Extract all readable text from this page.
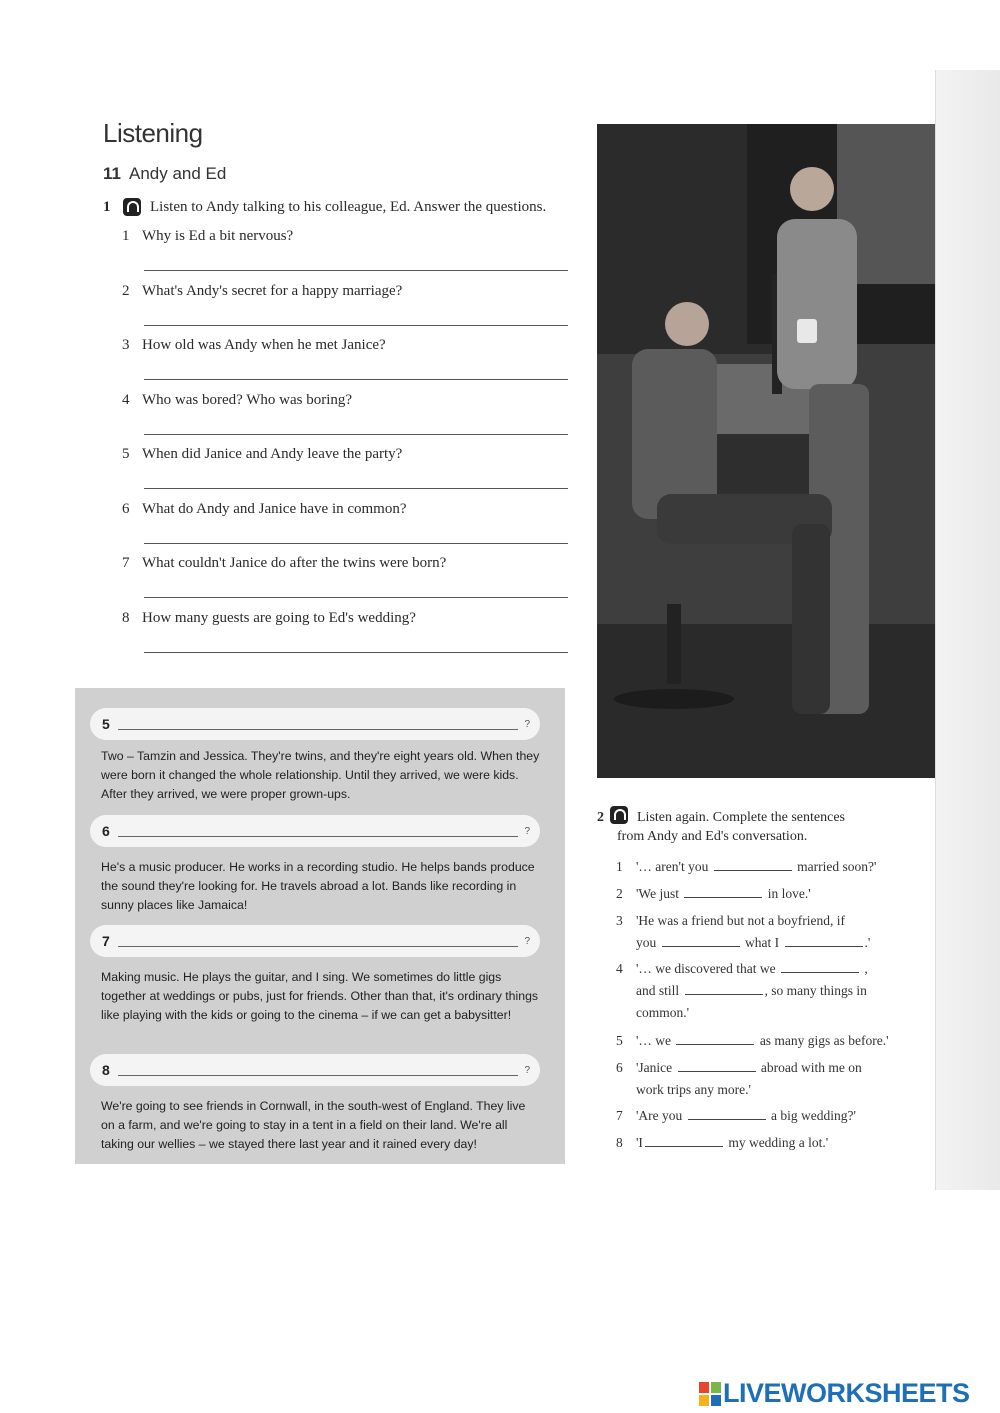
Listening
11 Andy and Ed
1	Listen to Andy talking to his colleague, Ed. Answer the questions.
1 Why is Ed a bit nervous?
2 What's Andy's secret for a happy marriage?
3 How old was Andy when he met Janice?
4 Who was bored? Who was boring?
5 When did Janice and Andy leave the party?
6 What do Andy and Janice have in common?
7 What couldn't Janice do after the twins were born?
8 How many guests are going to Ed's wedding?
5	?
Two – Tamzin and Jessica. They're twins, and they're eight years old. When they were born it changed the whole relationship. Until they arrived, we were kids. After they arrived, we were proper grown-ups.
6	?
He's a music producer. He works in a recording studio. He helps bands produce the sound they're looking for. He travels abroad a lot. Bands like recording in sunny places like Jamaica!
7	?
Making music. He plays the guitar, and I sing. We sometimes do little gigs together at weddings or pubs, just for friends. Other than that, it's ordinary things like playing with the kids or going to the cinema – if we can get a babysitter!
8	?
We're going to see friends in Cornwall, in the south-west of England. They live on a farm, and we're going to stay in a tent in a field on their land. We're all taking our wellies – we stayed there last year and it rained every day!
2 Listen again. Complete the sentences
from Andy and Ed's conversation.
1 '… aren't you	married soon?'
2 'We just	in love.'
3 'He was a friend but not a boyfriend, if
you	what I	.'
4 '… we discovered that we	,
and still	, so many things in
common.'
5 '… we	as many gigs as before.'
6 'Janice	abroad with me on
work trips any more.'
7 'Are you	a big wedding?'
8 'I	my wedding a lot.'
LIVEWORKSHEETS
